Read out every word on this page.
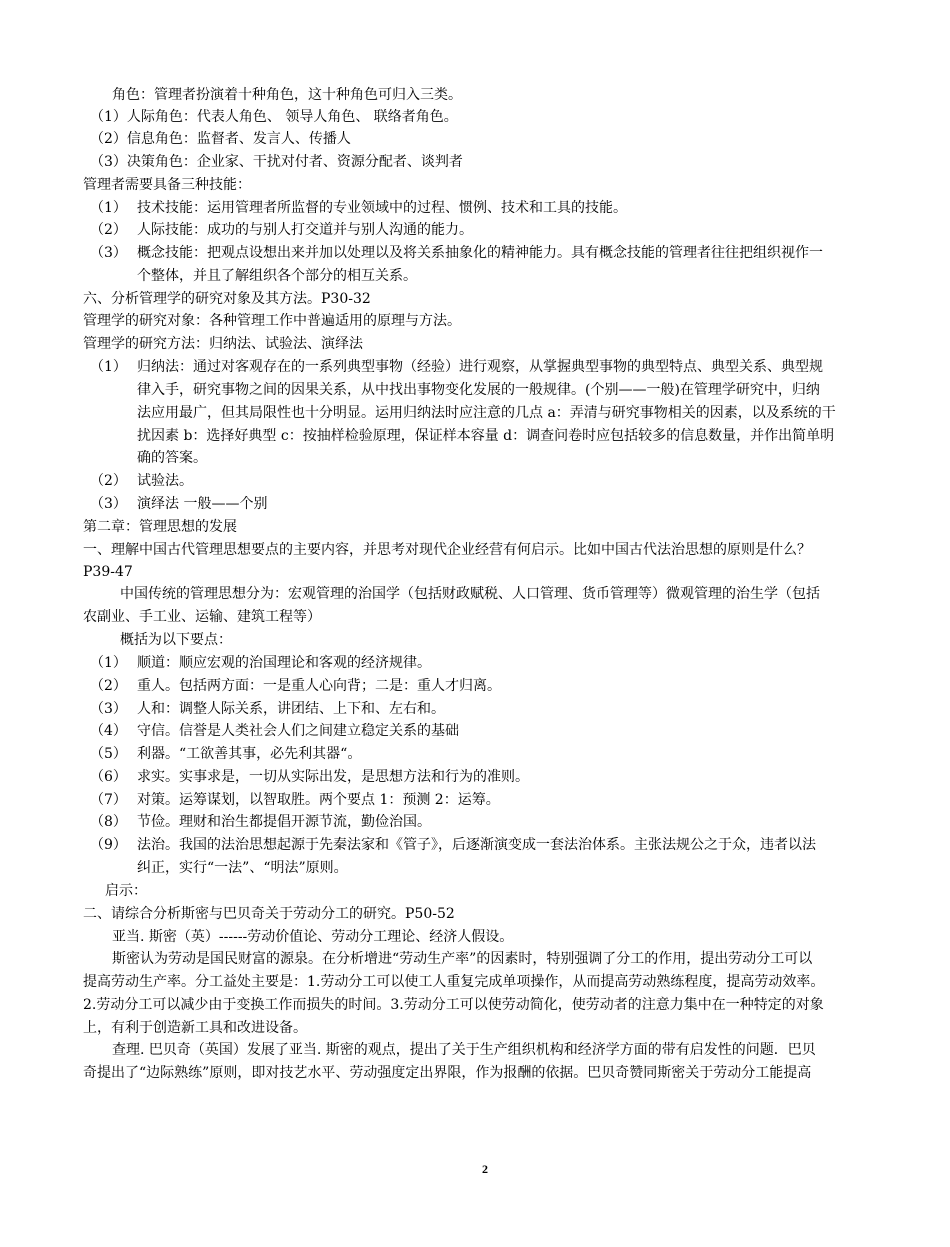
角色：管理者扮演着十种角色，这十种角色可归入三类。
（1）人际角色：代表人角色、 领导人角色、 联络者角色。
（2）信息角色：监督者、发言人、传播人
（3）决策角色：企业家、干扰对付者、资源分配者、谈判者
管理者需要具备三种技能：
（1） 技术技能：运用管理者所监督的专业领域中的过程、惯例、技术和工具的技能。
（2） 人际技能：成功的与别人打交道并与别人沟通的能力。
（3） 概念技能：把观点设想出来并加以处理以及将关系抽象化的精神能力。具有概念技能的管理者往往把组织视作一
个整体，并且了解组织各个部分的相互关系。
六、分析管理学的研究对象及其方法。P30-32
管理学的研究对象：各种管理工作中普遍适用的原理与方法。
管理学的研究方法：归纳法、试验法、演绎法
（1） 归纳法：通过对客观存在的一系列典型事物（经验）进行观察，从掌握典型事物的典型特点、典型关系、典型规
律入手，研究事物之间的因果关系，从中找出事物变化发展的一般规律。(个别——一般)在管理学研究中，归纳
法应用最广，但其局限性也十分明显。运用归纳法时应注意的几点 a：弄清与研究事物相关的因素，以及系统的干
扰因素 b：选择好典型 c：按抽样检验原理，保证样本容量 d：调查问卷时应包括较多的信息数量，并作出简单明
确的答案。
（2） 试验法。
（3） 演绎法 一般——个别
第二章：管理思想的发展
一、理解中国古代管理思想要点的主要内容，并思考对现代企业经营有何启示。比如中国古代法治思想的原则是什么？
P39-47
中国传统的管理思想分为：宏观管理的治国学（包括财政赋税、人口管理、货币管理等）微观管理的治生学（包括
农副业、手工业、运输、建筑工程等）
概括为以下要点：
（1） 顺道：顺应宏观的治国理论和客观的经济规律。
（2） 重人。包括两方面：一是重人心向背；二是：重人才归离。
（3） 人和：调整人际关系，讲团结、上下和、左右和。
（4） 守信。信誉是人类社会人们之间建立稳定关系的基础
（5） 利器。“工欲善其事，必先利其器“。
（6） 求实。实事求是，一切从实际出发，是思想方法和行为的准则。
（7） 对策。运筹谋划，以智取胜。两个要点 1：预测 2：运筹。
（8） 节俭。理财和治生都提倡开源节流，勤俭治国。
（9） 法治。我国的法治思想起源于先秦法家和《管子》，后逐渐演变成一套法治体系。主张法规公之于众，违者以法
纠正，实行“一法”、“明法”原则。
启示：
二、请综合分析斯密与巴贝奇关于劳动分工的研究。P50-52
亚当. 斯密（英）------劳动价值论、劳动分工理论、经济人假设。
斯密认为劳动是国民财富的源泉。在分析增进“劳动生产率”的因素时，特别强调了分工的作用，提出劳动分工可以
提高劳动生产率。分工益处主要是：1.劳动分工可以使工人重复完成单项操作，从而提高劳动熟练程度，提高劳动效率。
2.劳动分工可以减少由于变换工作而损失的时间。3.劳动分工可以使劳动简化，使劳动者的注意力集中在一种特定的对象
上，有利于创造新工具和改进设备。
查理. 巴贝奇（英国）发展了亚当. 斯密的观点，提出了关于生产组织机构和经济学方面的带有启发性的问题．巴贝
奇提出了“边际熟练”原则，即对技艺水平、劳动强度定出界限，作为报酬的依据。巴贝奇赞同斯密关于劳动分工能提高
2
